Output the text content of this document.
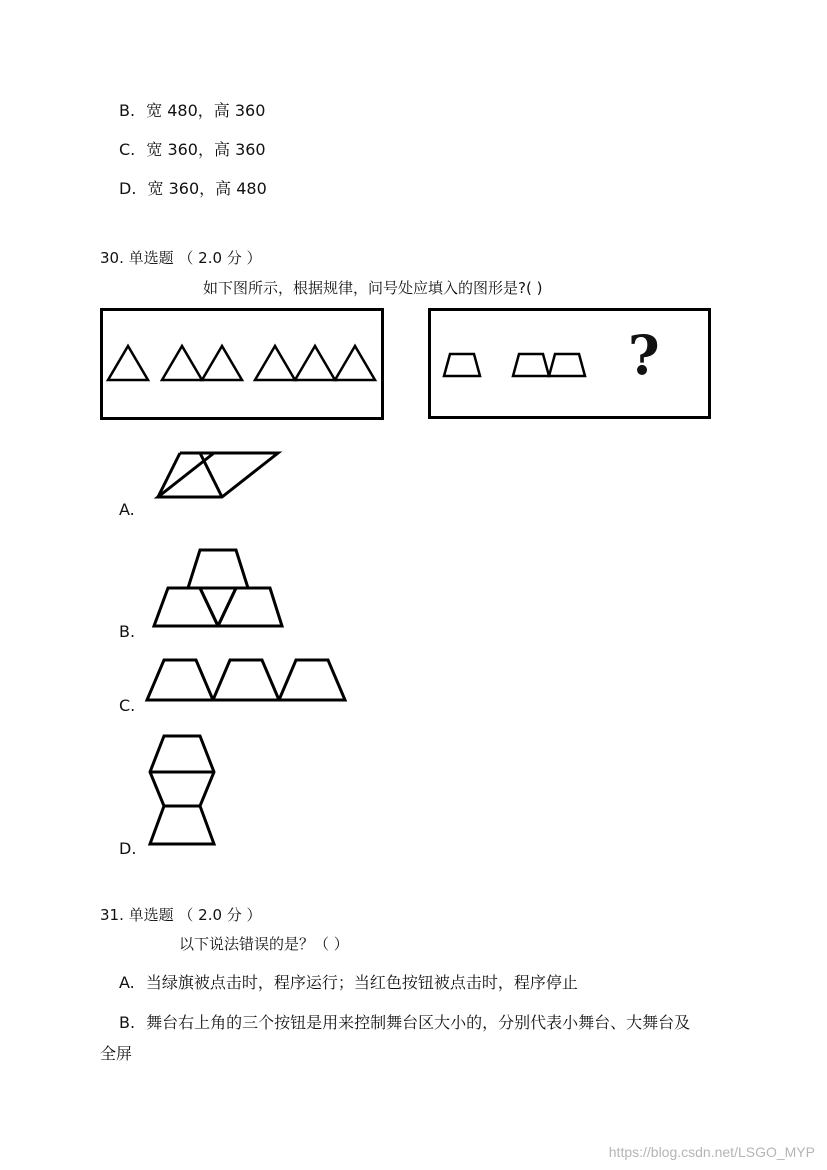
B. 宽 480，高 360
C. 宽 360，高 360
D. 宽 360，高 480
30. 单选题 （ 2.0 分 ）
如下图所示，根据规律，问号处应填入的图形是?( )
?
A.
B.
C.
D.
31. 单选题 （ 2.0 分 ）
以下说法错误的是？（ ）
A. 当绿旗被点击时，程序运行；当红色按钮被点击时，程序停止
B. 舞台右上角的三个按钮是用来控制舞台区大小的，分别代表小舞台、大舞台及
全屏
https://blog.csdn.net/LSGO_MYP
